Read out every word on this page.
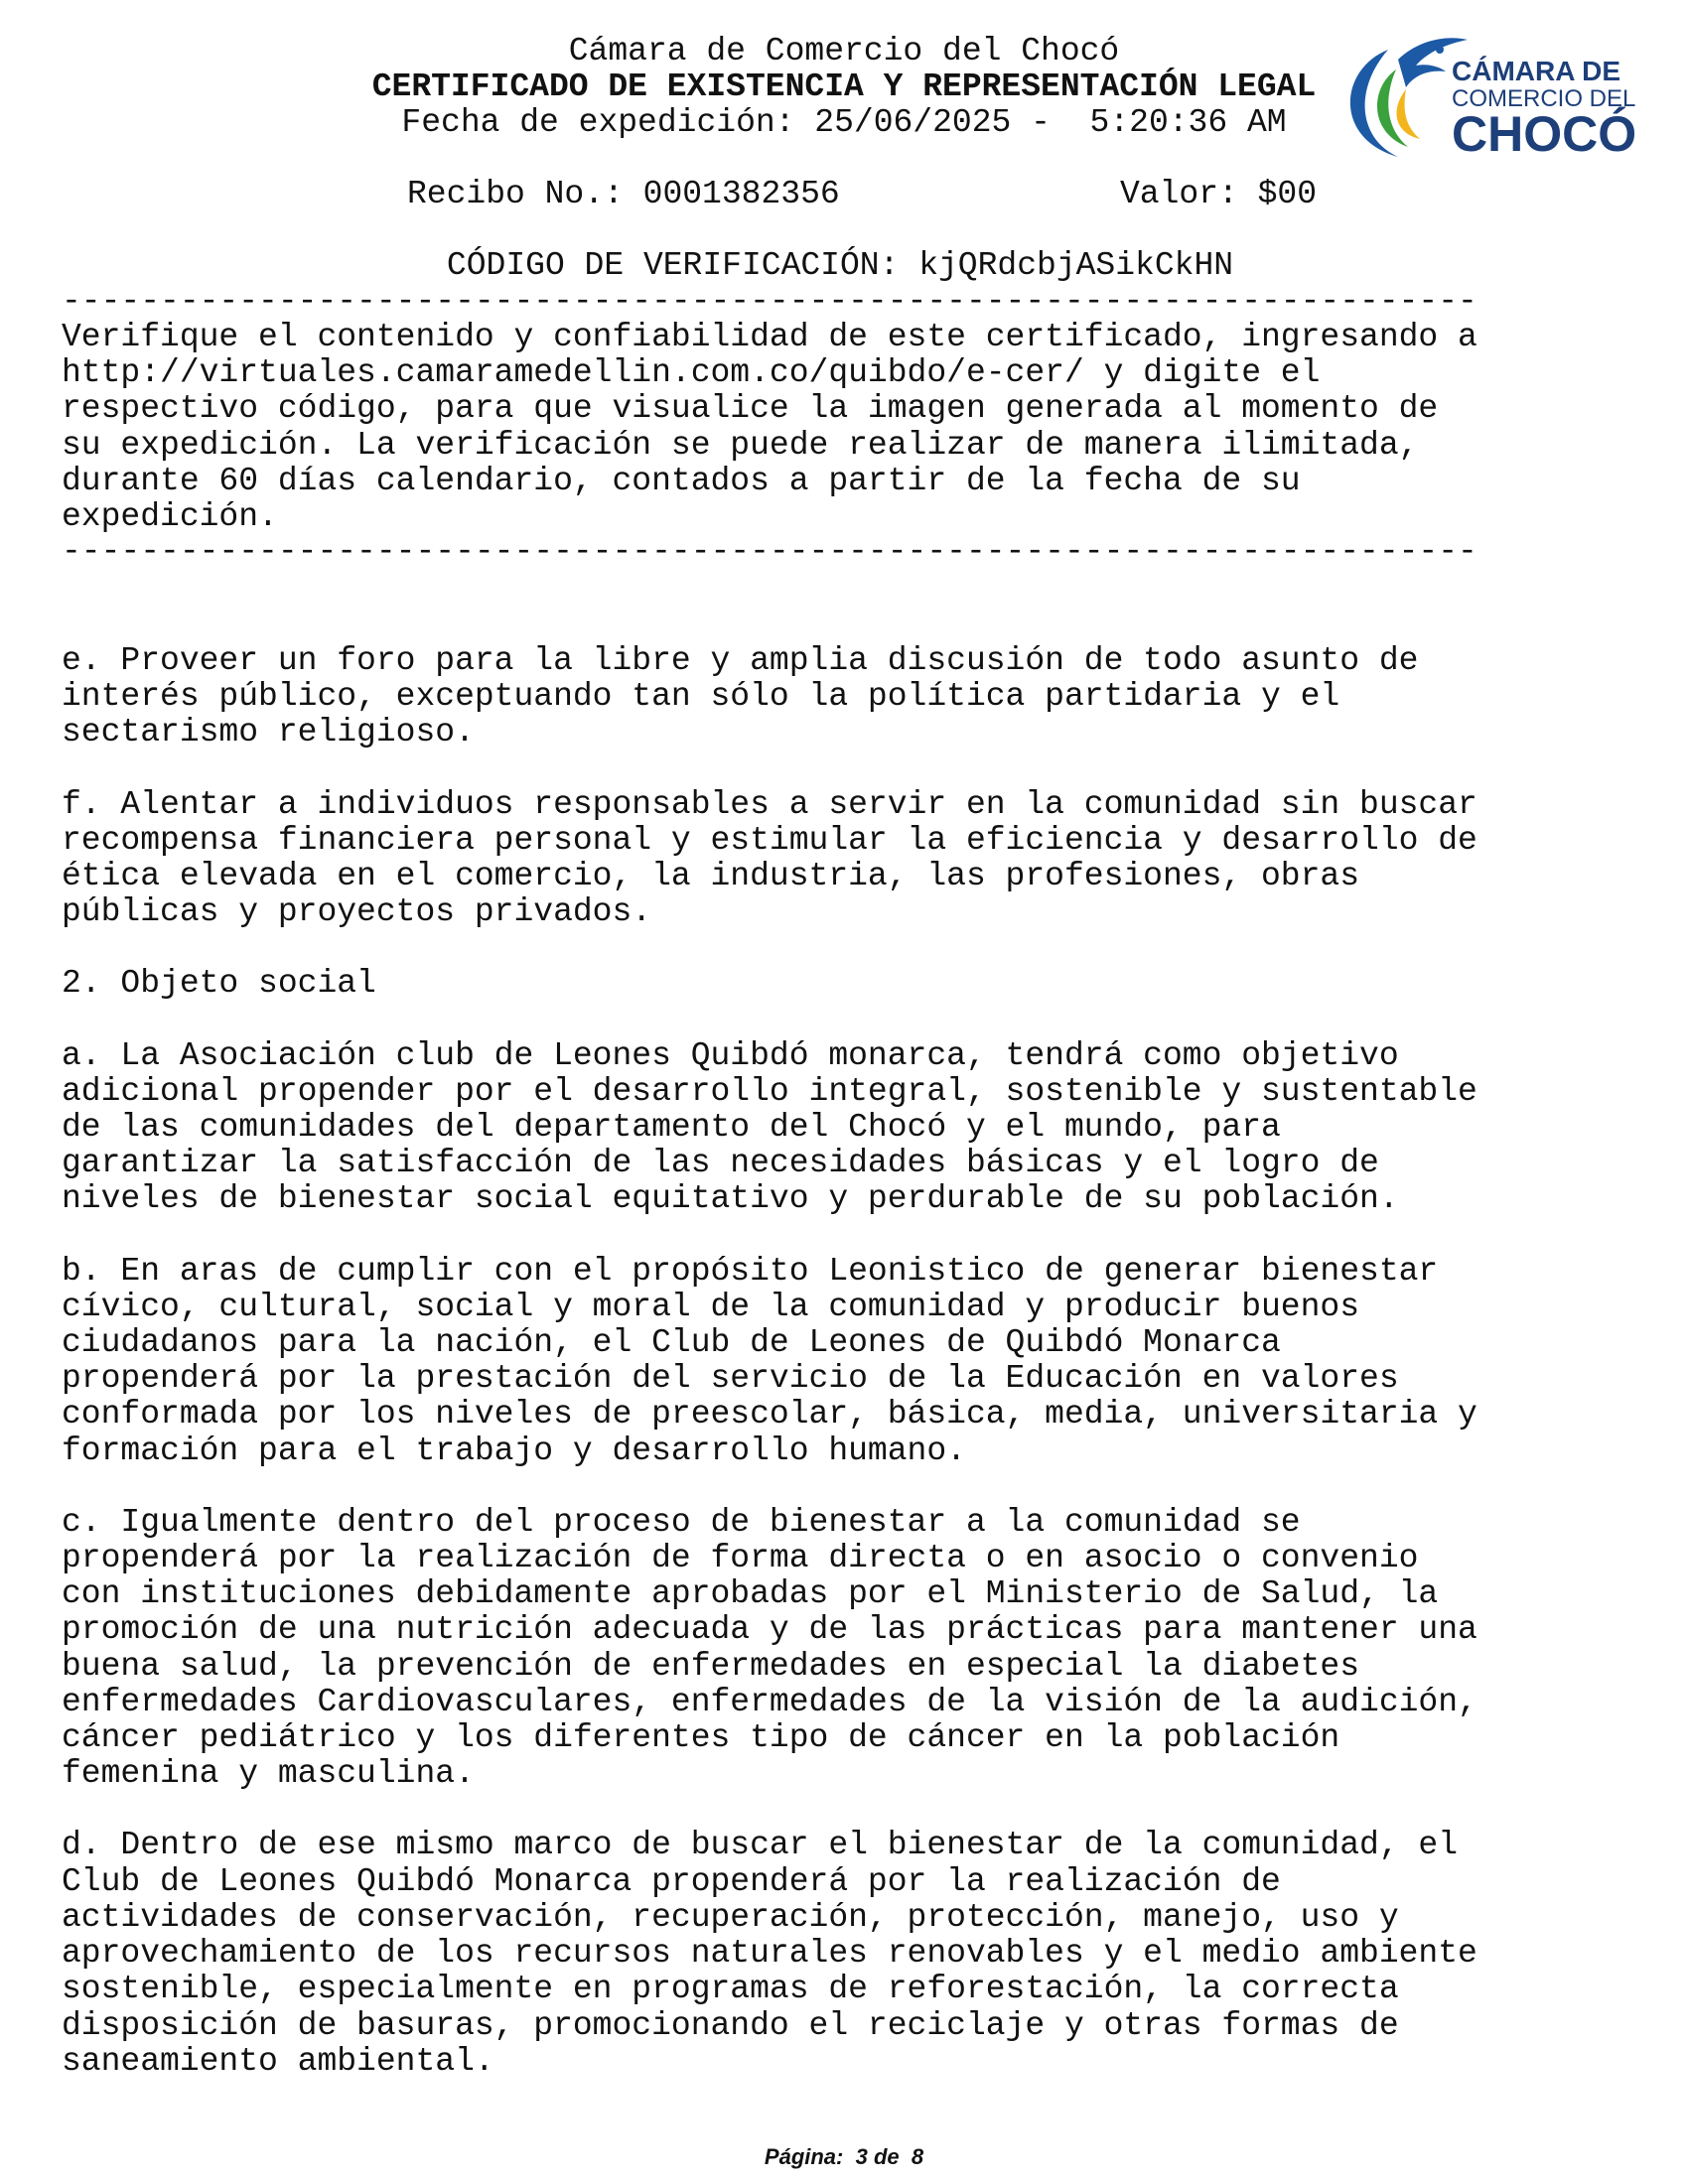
Cámara de Comercio del Chocó
CERTIFICADO DE EXISTENCIA Y REPRESENTACIÓN LEGAL
Fecha de expedición: 25/06/2025 -  5:20:36 AM
Recibo No.: 0001382356	Valor: $00
CÓDIGO DE VERIFICACIÓN: kjQRdcbjASikCkHN
CÁMARA DE
COMERCIO DEL
CHOCÓ
------------------------------------------------------------------------

Verifique el contenido y confiabilidad de este certificado, ingresando a

http://virtuales.camaramedellin.com.co/quibdo/e-cer/ y digite el

respectivo código, para que visualice la imagen generada al momento de

su expedición. La verificación se puede realizar de manera ilimitada,

durante 60 días calendario, contados a partir de la fecha de su

expedición.

------------------------------------------------------------------------

e. Proveer un foro para la libre y amplia discusión de todo asunto de

interés público, exceptuando tan sólo la política partidaria y el

sectarismo religioso.

f. Alentar a individuos responsables a servir en la comunidad sin buscar

recompensa financiera personal y estimular la eficiencia y desarrollo de

ética elevada en el comercio, la industria, las profesiones, obras

públicas y proyectos privados.

2. Objeto social

a. La Asociación club de Leones Quibdó monarca, tendrá como objetivo

adicional propender por el desarrollo integral, sostenible y sustentable

de las comunidades del departamento del Chocó y el mundo, para

garantizar la satisfacción de las necesidades básicas y el logro de

niveles de bienestar social equitativo y perdurable de su población.

b. En aras de cumplir con el propósito Leonistico de generar bienestar

cívico, cultural, social y moral de la comunidad y producir buenos

ciudadanos para la nación, el Club de Leones de Quibdó Monarca

propenderá por la prestación del servicio de la Educación en valores

conformada por los niveles de preescolar, básica, media, universitaria y

formación para el trabajo y desarrollo humano.

c. Igualmente dentro del proceso de bienestar a la comunidad se

propenderá por la realización de forma directa o en asocio o convenio

con instituciones debidamente aprobadas por el Ministerio de Salud, la

promoción de una nutrición adecuada y de las prácticas para mantener una

buena salud, la prevención de enfermedades en especial la diabetes

enfermedades Cardiovasculares, enfermedades de la visión de la audición,

cáncer pediátrico y los diferentes tipo de cáncer en la población

femenina y masculina.

d. Dentro de ese mismo marco de buscar el bienestar de la comunidad, el

Club de Leones Quibdó Monarca propenderá por la realización de

actividades de conservación, recuperación, protección, manejo, uso y

aprovechamiento de los recursos naturales renovables y el medio ambiente

sostenible, especialmente en programas de reforestación, la correcta

disposición de basuras, promocionando el reciclaje y otras formas de

saneamiento ambiental.

Página:  3 de  8
